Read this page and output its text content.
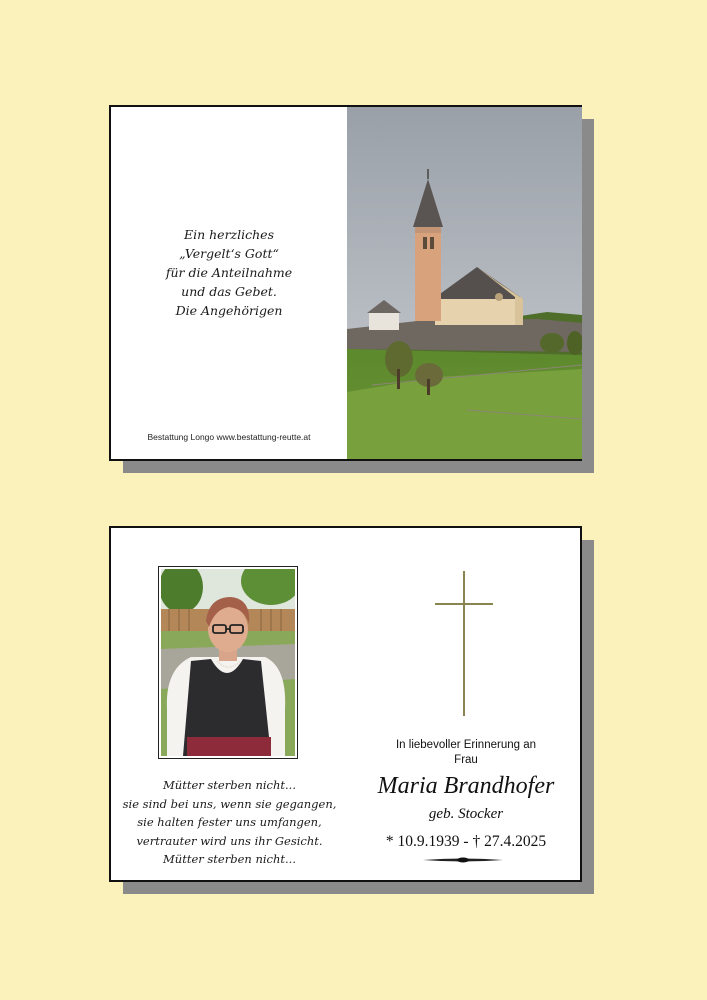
Ein herzliches
„Vergelt‘s Gott“
für die Anteilnahme
und das Gebet.
Die Angehörigen
Bestattung Longo www.bestattung-reutte.at
Mütter sterben nicht...
sie sind bei uns, wenn sie gegangen,
sie halten fester uns umfangen,
vertrauter wird uns ihr Gesicht.
Mütter sterben nicht...
In liebevoller Erinnerung an
Frau
Maria Brandhofer
geb. Stocker
* 10.9.1939 - † 27.4.2025
